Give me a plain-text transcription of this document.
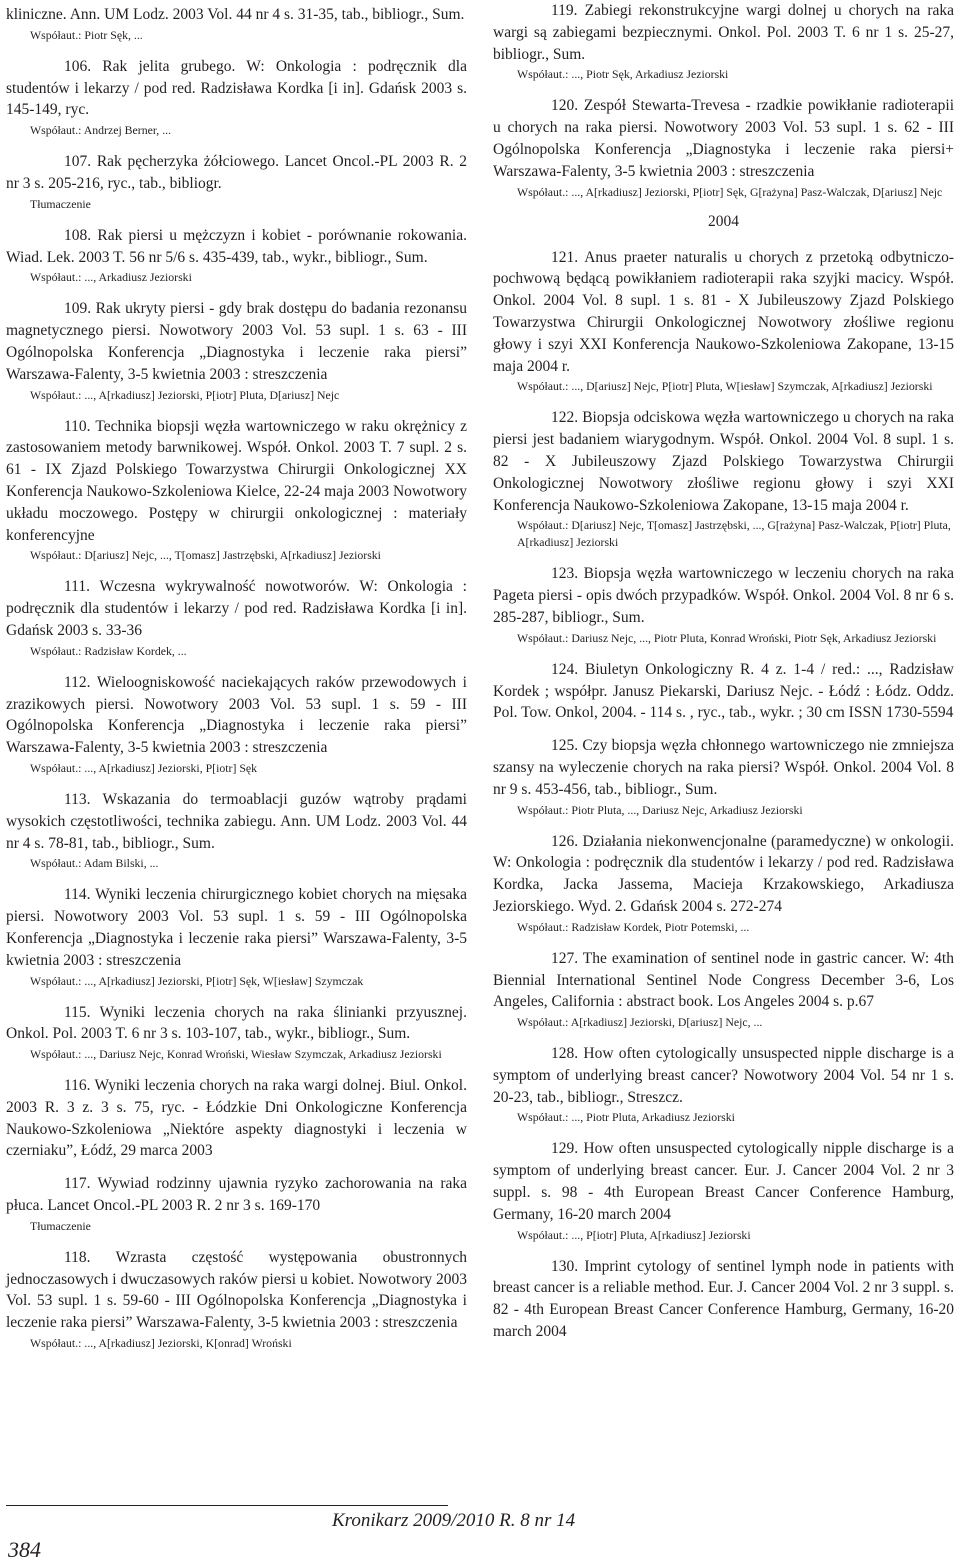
kliniczne. Ann. UM Lodz. 2003 Vol. 44 nr 4 s. 31-35, tab., bibliogr., Sum.
Współaut.: Piotr Sęk, ...
106. Rak jelita grubego. W: Onkologia : podręcznik dla studentów i lekarzy / pod red. Radzisława Kordka [i in]. Gdańsk 2003 s. 145-149, ryc.
Współaut.: Andrzej Berner, ...
107. Rak pęcherzyka żółciowego. Lancet Oncol.-PL 2003 R. 2 nr 3 s. 205-216, ryc., tab., bibliogr.
Tłumaczenie
108. Rak piersi u mężczyzn i kobiet - porównanie rokowania. Wiad. Lek. 2003 T. 56 nr 5/6 s. 435-439, tab., wykr., bibliogr., Sum.
Współaut.: ..., Arkadiusz Jeziorski
109. Rak ukryty piersi - gdy brak dostępu do badania rezonansu magnetycznego piersi. Nowotwory 2003 Vol. 53 supl. 1 s. 63 - III Ogólnopolska Konferencja „Diagnostyka i leczenie raka piersi” Warszawa-Falenty, 3-5 kwietnia 2003 : streszczenia
Współaut.: ..., A[rkadiusz] Jeziorski, P[iotr] Pluta, D[ariusz] Nejc
110. Technika biopsji węzła wartowniczego w raku okrężnicy z zastosowaniem metody barwnikowej. Współ. Onkol. 2003 T. 7 supl. 2 s. 61 - IX Zjazd Polskiego Towarzystwa Chirurgii Onkologicznej XX Konferencja Naukowo-Szkoleniowa Kielce, 22-24 maja 2003 Nowotwory układu moczowego. Postępy w chirurgii onkologicznej : materiały konferencyjne
Współaut.: D[ariusz] Nejc, ..., T[omasz] Jastrzębski, A[rkadiusz] Jeziorski
111. Wczesna wykrywalność nowotworów. W: Onkologia : podręcznik dla studentów i lekarzy / pod red. Radzisława Kordka [i in]. Gdańsk 2003 s. 33-36
Współaut.: Radzisław Kordek, ...
112. Wieloogniskowość naciekających raków przewodowych i zrazikowych piersi. Nowotwory 2003 Vol. 53 supl. 1 s. 59 - III Ogólnopolska Konferencja „Diagnostyka i leczenie raka piersi” Warszawa-Falenty, 3-5 kwietnia 2003 : streszczenia
Współaut.: ..., A[rkadiusz] Jeziorski, P[iotr] Sęk
113. Wskazania do termoablacji guzów wątroby prądami wysokich częstotliwości, technika zabiegu. Ann. UM Lodz. 2003 Vol. 44 nr 4 s. 78-81, tab., bibliogr., Sum.
Współaut.: Adam Bilski, ...
114. Wyniki leczenia chirurgicznego kobiet chorych na mięsaka piersi. Nowotwory 2003 Vol. 53 supl. 1 s. 59 - III Ogólnopolska Konferencja „Diagnostyka i leczenie raka piersi” Warszawa-Falenty, 3-5 kwietnia 2003 : streszczenia
Współaut.: ..., A[rkadiusz] Jeziorski, P[iotr] Sęk, W[iesław] Szymczak
115. Wyniki leczenia chorych na raka ślinianki przyusznej. Onkol. Pol. 2003 T. 6 nr 3 s. 103-107, tab., wykr., bibliogr., Sum.
Współaut.: ..., Dariusz Nejc, Konrad Wroński, Wiesław Szymczak, Arkadiusz Jeziorski
116. Wyniki leczenia chorych na raka wargi dolnej. Biul. Onkol. 2003 R. 3 z. 3 s. 75, ryc. - Łódzkie Dni Onkologiczne Konferencja Naukowo-Szkoleniowa „Niektóre aspekty diagnostyki i leczenia w czerniaku”, Łódź, 29 marca 2003
117. Wywiad rodzinny ujawnia ryzyko zachorowania na raka płuca. Lancet Oncol.-PL 2003 R. 2 nr 3 s. 169-170
Tłumaczenie
118. Wzrasta częstość występowania obustronnych jednoczasowych i dwuczasowych raków piersi u kobiet. Nowotwory 2003 Vol. 53 supl. 1 s. 59-60 - III Ogólnopolska Konferencja „Diagnostyka i leczenie raka piersi” Warszawa-Falenty, 3-5 kwietnia 2003 : streszczenia
Współaut.: ..., A[rkadiusz] Jeziorski, K[onrad] Wroński
119. Zabiegi rekonstrukcyjne wargi dolnej u chorych na raka wargi są zabiegami bezpiecznymi. Onkol. Pol. 2003 T. 6 nr 1 s. 25-27, bibliogr., Sum.
Współaut.: ..., Piotr Sęk, Arkadiusz Jeziorski
120. Zespół Stewarta-Trevesa - rzadkie powikłanie radioterapii u chorych na raka piersi. Nowotwory 2003 Vol. 53 supl. 1 s. 62 - III Ogólnopolska Konferencja „Diagnostyka i leczenie raka piersi+ Warszawa-Falenty, 3-5 kwietnia 2003 : streszczenia
Współaut.: ..., A[rkadiusz] Jeziorski, P[iotr] Sęk, G[rażyna] Pasz-Walczak, D[ariusz] Nejc
2004
121. Anus praeter naturalis u chorych z przetoką odbytniczo-pochwową będącą powikłaniem radioterapii raka szyjki macicy. Współ. Onkol. 2004 Vol. 8 supl. 1 s. 81 - X Jubileuszowy Zjazd Polskiego Towarzystwa Chirurgii Onkologicznej Nowotwory złośliwe regionu głowy i szyi XXI Konferencja Naukowo-Szkoleniowa Zakopane, 13-15 maja 2004 r.
Współaut.: ..., D[ariusz] Nejc, P[iotr] Pluta, W[iesław] Szymczak, A[rkadiusz] Jeziorski
122. Biopsja odciskowa węzła wartowniczego u chorych na raka piersi jest badaniem wiarygodnym. Współ. Onkol. 2004 Vol. 8 supl. 1 s. 82 - X Jubileuszowy Zjazd Polskiego Towarzystwa Chirurgii Onkologicznej Nowotwory złośliwe regionu głowy i szyi XXI Konferencja Naukowo-Szkoleniowa Zakopane, 13-15 maja 2004 r.
Współaut.: D[ariusz] Nejc, T[omasz] Jastrzębski, ..., G[rażyna] Pasz-Walczak, P[iotr] Pluta, A[rkadiusz] Jeziorski
123. Biopsja węzła wartowniczego w leczeniu chorych na raka Pageta piersi - opis dwóch przypadków. Współ. Onkol. 2004 Vol. 8 nr 6 s. 285-287, bibliogr., Sum.
Współaut.: Dariusz Nejc, ..., Piotr Pluta, Konrad Wroński, Piotr Sęk, Arkadiusz Jeziorski
124. Biuletyn Onkologiczny R. 4 z. 1-4 / red.: ..., Radzisław Kordek ; współpr. Janusz Piekarski, Dariusz Nejc. - Łódź : Łódz. Oddz. Pol. Tow. Onkol, 2004. - 114 s. , ryc., tab., wykr. ; 30 cm ISSN 1730-5594
125. Czy biopsja węzła chłonnego wartowniczego nie zmniejsza szansy na wyleczenie chorych na raka piersi? Współ. Onkol. 2004 Vol. 8 nr 9 s. 453-456, tab., bibliogr., Sum.
Współaut.: Piotr Pluta, ..., Dariusz Nejc, Arkadiusz Jeziorski
126. Działania niekonwencjonalne (paramedyczne) w onkologii. W: Onkologia : podręcznik dla studentów i lekarzy / pod red. Radzisława Kordka, Jacka Jassema, Macieja Krzakowskiego, Arkadiusza Jeziorskiego. Wyd. 2. Gdańsk 2004 s. 272-274
Współaut.: Radzisław Kordek, Piotr Potemski, ...
127. The examination of sentinel node in gastric cancer. W: 4th Biennial International Sentinel Node Congress December 3-6, Los Angeles, California : abstract book. Los Angeles 2004 s. p.67
Współaut.: A[rkadiusz] Jeziorski, D[ariusz] Nejc, ...
128. How often cytologically unsuspected nipple discharge is a symptom of underlying breast cancer? Nowotwory 2004 Vol. 54 nr 1 s. 20-23, tab., bibliogr., Streszcz.
Współaut.: ..., Piotr Pluta, Arkadiusz Jeziorski
129. How often unsuspected cytologically nipple discharge is a symptom of underlying breast cancer. Eur. J. Cancer 2004 Vol. 2 nr 3 suppl. s. 98 - 4th European Breast Cancer Conference Hamburg, Germany, 16-20 march 2004
Współaut.: ..., P[iotr] Pluta, A[rkadiusz] Jeziorski
130. Imprint cytology of sentinel lymph node in patients with breast cancer is a reliable method. Eur. J. Cancer 2004 Vol. 2 nr 3 suppl. s. 82 - 4th European Breast Cancer Conference Hamburg, Germany, 16-20 march 2004
Kronikarz 2009/2010 R. 8 nr 14
384
